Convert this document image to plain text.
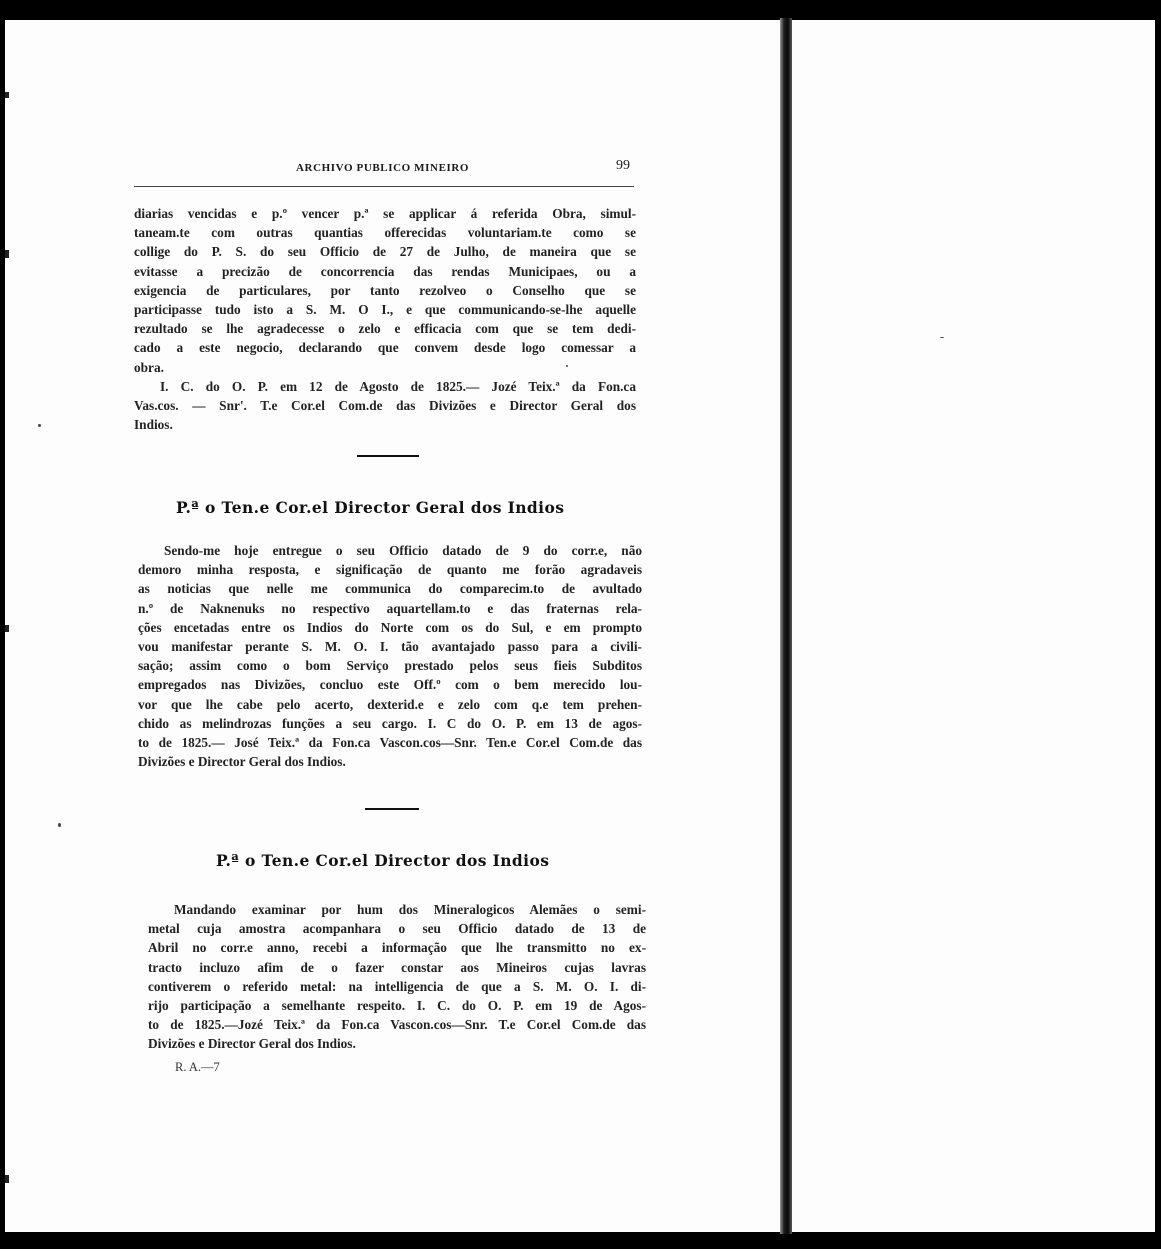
ARCHIVO PUBLICO MINEIRO	99
diarias vencidas e p.º vencer p.ª se applicar á referida Obra, simul-
taneam.te com outras quantias offerecidas voluntariam.te como se
collige do P. S. do seu Officio de 27 de Julho, de maneira que se
evitasse a precizão de concorrencia das rendas Municipaes, ou a
exigencia de particulares, por tanto rezolveo o Conselho que se
participasse tudo isto a S. M. O I., e que communicando-se-lhe aquelle
rezultado se lhe agradecesse o zelo e efficacia com que se tem dedi-
cado a este negocio, declarando que convem desde logo comessar a
obra.
I. C. do O. P. em 12 de Agosto de 1825.— Jozé Teix.ª da Fon.ca
Vas.cos. — Snr'. T.e Cor.el Com.de das Divizões e Director Geral dos
Indios.
P.ª o Ten.e Cor.el Director Geral dos Indios
Sendo-me hoje entregue o seu Officio datado de 9 do corr.e, não
demoro minha resposta, e significação de quanto me forão agradaveis
as noticias que nelle me communica do comparecim.to de avultado
n.º de Naknenuks no respectivo aquartellam.to e das fraternas rela-
ções encetadas entre os Indios do Norte com os do Sul, e em prompto
vou manifestar perante S. M. O. I. tão avantajado passo para a civili-
sação; assim como o bom Serviço prestado pelos seus fieis Subditos
empregados nas Divizões, concluo este Off.º com o bem merecido lou-
vor que lhe cabe pelo acerto, dexterid.e e zelo com q.e tem prehen-
chido as melindrozas funções a seu cargo. I. C do O. P. em 13 de agos-
to de 1825.— José Teix.ª da Fon.ca Vascon.cos—Snr. Ten.e Cor.el Com.de das
Divizões e Director Geral dos Indios.
P.ª o Ten.e Cor.el Director dos Indios
Mandando examinar por hum dos Mineralogicos Alemães o semi-
metal cuja amostra acompanhara o seu Officio datado de 13 de
Abril no corr.e anno, recebi a informação que lhe transmitto no ex-
tracto incluzo afim de o fazer constar aos Mineiros cujas lavras
contiverem o referido metal: na intelligencia de que a S. M. O. I. di-
rijo participação a semelhante respeito. I. C. do O. P. em 19 de Agos-
to de 1825.—Jozé Teix.ª da Fon.ca Vascon.cos—Snr. T.e Cor.el Com.de das
Divizões e Director Geral dos Indios.
R. A.—7
